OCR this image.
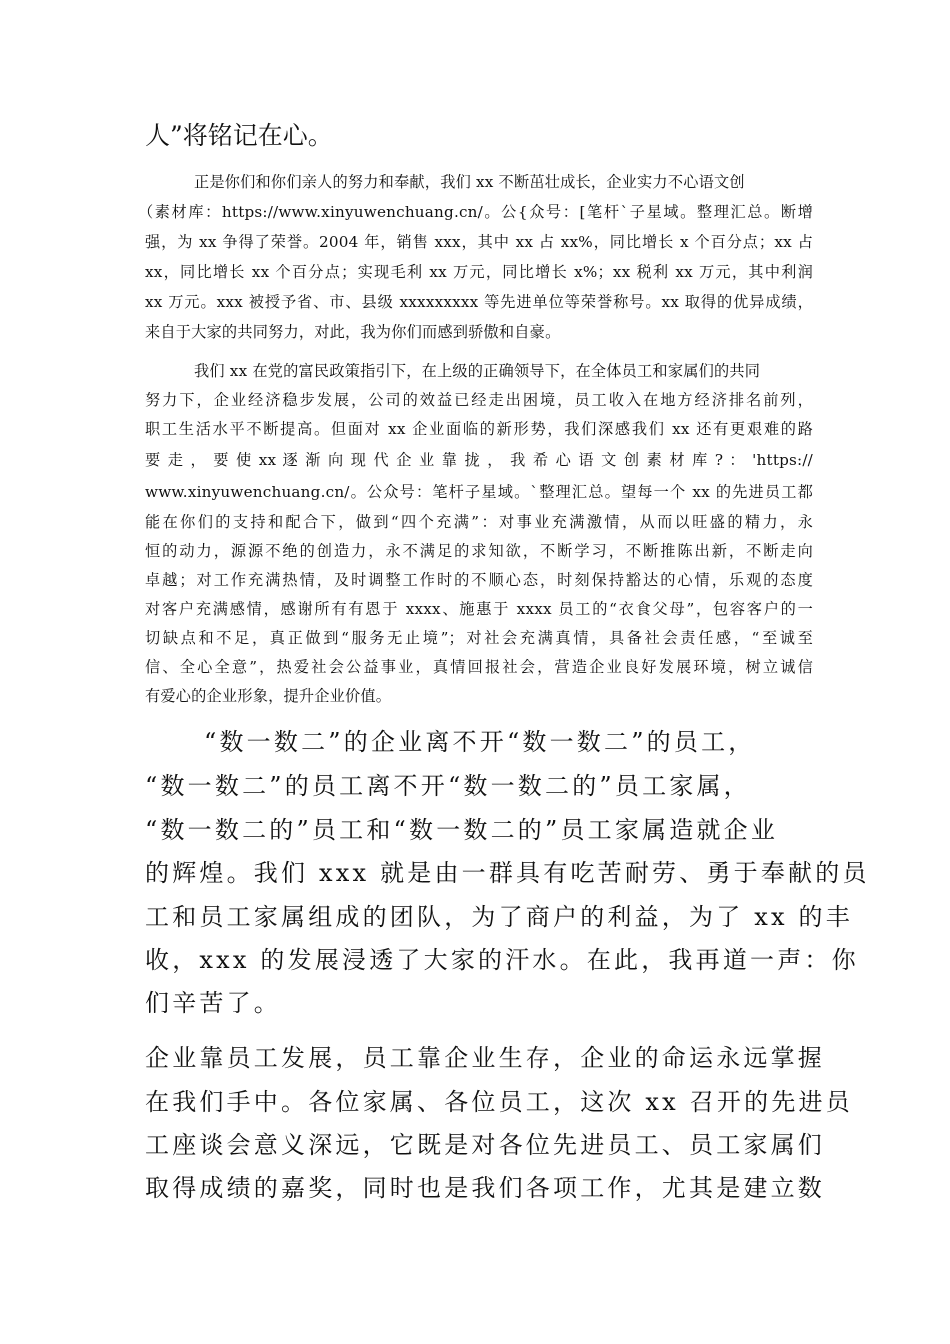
人”将铭记在心。

正是你们和你们亲人的努力和奉献，我们 xx 不断茁壮成长，企业实力不心语文创

（素材库：https://www.xinyuwenchuang.cn/。公{众号：[笔杆`子星域。整理汇总。断增

强，为 xx 争得了荣誉。2004 年，销售 xxx，其中 xx 占 xx%，同比增长 x 个百分点；xx 占

xx，同比增长 xx 个百分点；实现毛利 xx 万元，同比增长 x%；xx 税利 xx 万元，其中利润

xx 万元。xxx 被授予省、市、县级 xxxxxxxxx 等先进单位等荣誉称号。xx 取得的优异成绩，

来自于大家的共同努力，对此，我为你们而感到骄傲和自豪。

我们 xx 在党的富民政策指引下，在上级的正确领导下，在全体员工和家属们的共同

努力下，企业经济稳步发展，公司的效益已经走出困境，员工收入在地方经济排名前列，

职工生活水平不断提高。但面对 xx 企业面临的新形势，我们深感我们 xx 还有更艰难的路

要 走 ， 要 使 xx 逐 渐 向 现 代 企 业 靠 拢 ， 我 希 心 语 文 创 素 材 库 ? ： 'https://

www.xinyuwenchuang.cn/。公众号：笔杆子星域。`整理汇总。望每一个 xx 的先进员工都

能在你们的支持和配合下，做到“四个充满”：对事业充满激情，从而以旺盛的精力，永

恒的动力，源源不绝的创造力，永不满足的求知欲，不断学习，不断推陈出新，不断走向

卓越；对工作充满热情，及时调整工作时的不顺心态，时刻保持豁达的心情，乐观的态度

对客户充满感情，感谢所有有恩于 xxxx、施惠于 xxxx 员工的“衣食父母”，包容客户的一

切缺点和不足，真正做到“服务无止境”；对社会充满真情，具备社会责任感，“至诚至

信、全心全意”，热爱社会公益事业，真情回报社会，营造企业良好发展环境，树立诚信

有爱心的企业形象，提升企业价值。

“数一数二”的企业离不开“数一数二”的员工，

“数一数二”的员工离不开“数一数二的”员工家属，

“数一数二的”员工和“数一数二的”员工家属造就企业

的辉煌。我们 xxx 就是由一群具有吃苦耐劳、勇于奉献的员

工和员工家属组成的团队，为了商户的利益，为了 xx 的丰

收，xxx 的发展浸透了大家的汗水。在此，我再道一声：你

们辛苦了。

企业靠员工发展，员工靠企业生存，企业的命运永远掌握

在我们手中。各位家属、各位员工，这次 xx 召开的先进员

工座谈会意义深远，它既是对各位先进员工、员工家属们

取得成绩的嘉奖，同时也是我们各项工作，尤其是建立数
